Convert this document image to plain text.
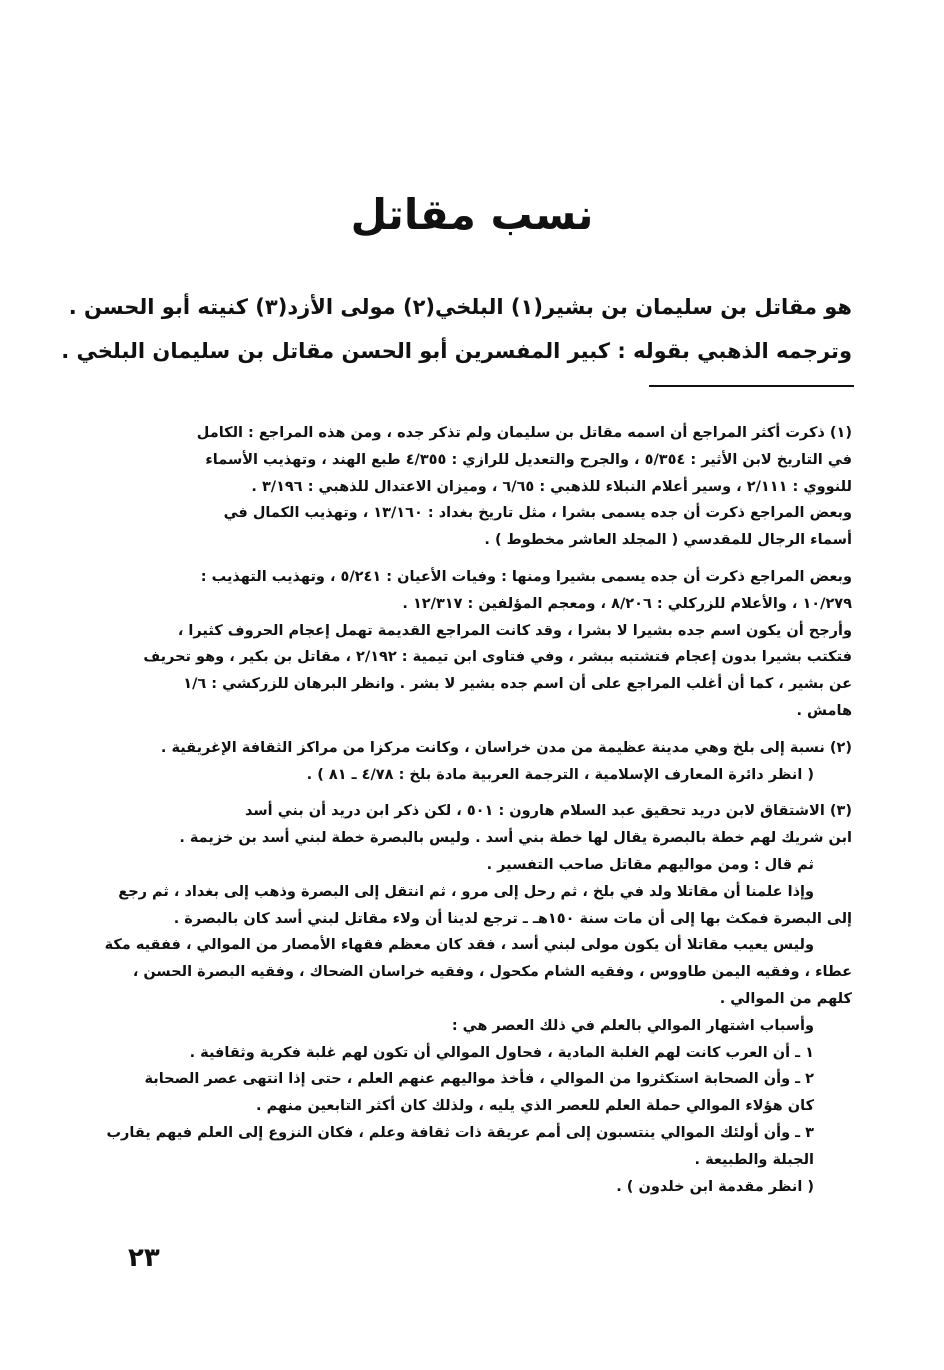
نسب مقاتل

هو مقاتل بن سليمان بن بشير(١) البلخي(٢) مولى الأزد(٣) كنيته أبو الحسن .

وترجمه الذهبي بقوله : كبير المفسرين أبو الحسن مقاتل بن سليمان البلخي .

(١) ذكرت أكثر المراجع أن اسمه مقاتل بن سليمان ولم تذكر جده ، ومن هذه المراجع : الكامل

في التاريخ لابن الأثير : ٥/٣٥٤ ، والجرح والتعديل للرازي : ٤/٣٥٥ طبع الهند ، وتهذيب الأسماء

للنووي : ٢/١١١ ، وسير أعلام النبلاء للذهبي : ٦/٦٥ ، وميزان الاعتدال للذهبي : ٣/١٩٦ .

وبعض المراجع ذكرت أن جده يسمى بشرا ، مثل تاريخ بغداد : ١٣/١٦٠ ، وتهذيب الكمال في

أسماء الرجال للمقدسي ( المجلد العاشر مخطوط ) .

وبعض المراجع ذكرت أن جده يسمى بشيرا ومنها : وفيات الأعيان : ٥/٢٤١ ، وتهذيب التهذيب :

١٠/٢٧٩ ، والأعلام للزركلي : ٨/٢٠٦ ، ومعجم المؤلفين : ١٢/٣١٧ .

وأرجح أن يكون اسم جده بشيرا لا بشرا ، وقد كانت المراجع القديمة تهمل إعجام الحروف كثيرا ،

فتكتب بشيرا بدون إعجام فتشتبه ببشر ، وفي فتاوى ابن تيمية : ٢/١٩٢ ، مقاتل بن بكير ، وهو تحريف

عن بشير ، كما أن أغلب المراجع على أن اسم جده بشير لا بشر . وانظر البرهان للزركشي : ١/٦

هامش .

(٢) نسبة إلى بلخ وهي مدينة عظيمة من مدن خراسان ، وكانت مركزا من مراكز الثقافة الإغريقية .

( انظر دائرة المعارف الإسلامية ، الترجمة العربية مادة بلخ : ٤/٧٨ ـ ٨١ ) .

(٣) الاشتقاق لابن دريد تحقيق عبد السلام هارون : ٥٠١ ، لكن ذكر ابن دريد أن بني أسد

ابن شريك لهم خطة بالبصرة يقال لها خطة بني أسد . وليس بالبصرة خطة لبني أسد بن خزيمة .

ثم قال : ومن مواليهم مقاتل صاحب التفسير .

وإذا علمنا أن مقاتلا ولد في بلخ ، ثم رحل إلى مرو ، ثم انتقل إلى البصرة وذهب إلى بغداد ، ثم رجع

إلى البصرة فمكث بها إلى أن مات سنة ١٥٠هـ ـ ترجع لدينا أن ولاء مقاتل لبني أسد كان بالبصرة .

وليس يعيب مقاتلا أن يكون مولى لبني أسد ، فقد كان معظم فقهاء الأمصار من الموالي ، ففقيه مكة

عطاء ، وفقيه اليمن طاووس ، وفقيه الشام مكحول ، وفقيه خراسان الضحاك ، وفقيه البصرة الحسن ،

كلهم من الموالي .

وأسباب اشتهار الموالي بالعلم في ذلك العصر هي :

١ ـ أن العرب كانت لهم الغلبة المادية ، فحاول الموالي أن تكون لهم غلبة فكرية وثقافية .

٢ ـ وأن الصحابة استكثروا من الموالي ، فأخذ مواليهم عنهم العلم ، حتى إذا انتهى عصر الصحابة

كان هؤلاء الموالي حملة العلم للعصر الذي يليه ، ولذلك كان أكثر التابعين منهم .

٣ ـ وأن أولئك الموالي ينتسبون إلى أمم عريقة ذات ثقافة وعلم ، فكان النزوع إلى العلم فيهم يقارب

الجبلة والطبيعة .

( انظر مقدمة ابن خلدون ) .

٢٣
